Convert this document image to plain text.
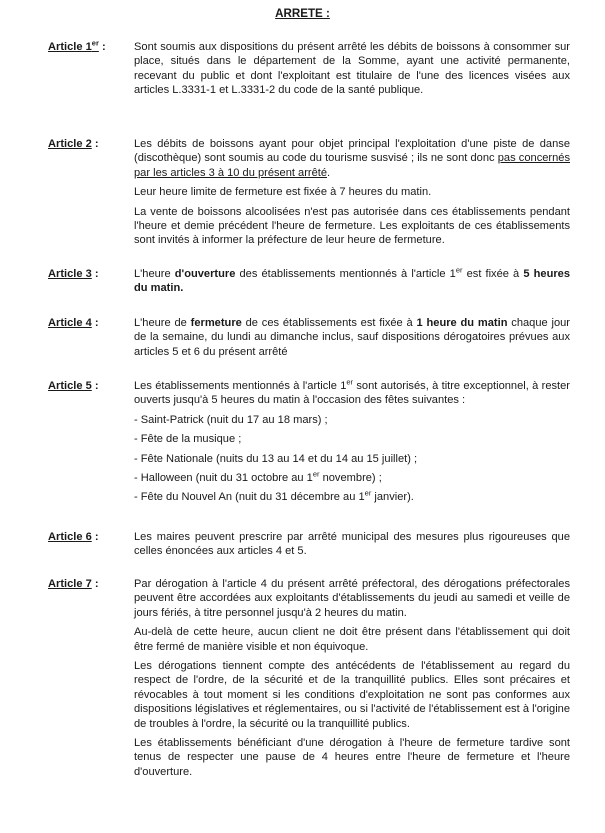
ARRETE :
Article 1er :	Sont soumis aux dispositions du présent arrêté les débits de boissons à consommer sur place, situés dans le département de la Somme, ayant une activité permanente, recevant du public et dont l'exploitant est titulaire de l'une des licences visées aux articles L.3331-1 et L.3331-2 du code de la santé publique.

Article 2 :	Les débits de boissons ayant pour objet principal l'exploitation d'une piste de danse (discothèque) sont soumis au code du tourisme susvisé ; ils ne sont donc pas concernés par les articles 3 à 10 du présent arrêté.

Leur heure limite de fermeture est fixée à 7 heures du matin.

La vente de boissons alcoolisées n'est pas autorisée dans ces établissements pendant l'heure et demie précédent l'heure de fermeture. Les exploitants de ces établissements sont invités à informer la préfecture de leur heure de fermeture.

Article 3 :	L'heure d'ouverture des établissements mentionnés à l'article 1er est fixée à 5 heures du matin.

Article 4 :	L'heure de fermeture de ces établissements est fixée à 1 heure du matin chaque jour de la semaine, du lundi au dimanche inclus, sauf dispositions dérogatoires prévues aux articles 5 et 6 du présent arrêté

Article 5 :	Les établissements mentionnés à l'article 1er sont autorisés, à titre exceptionnel, à rester ouverts jusqu'à 5 heures du matin à l'occasion des fêtes suivantes :

- Saint-Patrick (nuit du 17 au 18 mars) ;
- Fête de la musique ;
- Fête Nationale (nuits du 13 au 14 et du 14 au 15 juillet) ;
- Halloween (nuit du 31 octobre au 1er novembre) ;
- Fête du Nouvel An (nuit du 31 décembre au 1er janvier).
Article 6 :	Les maires peuvent prescrire par arrêté municipal des mesures plus rigoureuses que celles énoncées aux articles 4 et 5.

Article 7 :	Par dérogation à l'article 4 du présent arrêté préfectoral, des dérogations préfectorales peuvent être accordées aux exploitants d'établissements du jeudi au samedi et veille de jours fériés, à titre personnel jusqu'à 2 heures du matin.

Au-delà de cette heure, aucun client ne doit être présent dans l'établissement qui doit être fermé de manière visible et non équivoque.

Les dérogations tiennent compte des antécédents de l'établissement au regard du respect de l'ordre, de la sécurité et de la tranquillité publics. Elles sont précaires et révocables à tout moment si les conditions d'exploitation ne sont pas conformes aux dispositions législatives et réglementaires, ou si l'activité de l'établissement est à l'origine de troubles à l'ordre, la sécurité ou la tranquillité publics.

Les établissements bénéficiant d'une dérogation à l'heure de fermeture tardive sont tenus de respecter une pause de 4 heures entre l'heure de fermeture et l'heure d'ouverture.
